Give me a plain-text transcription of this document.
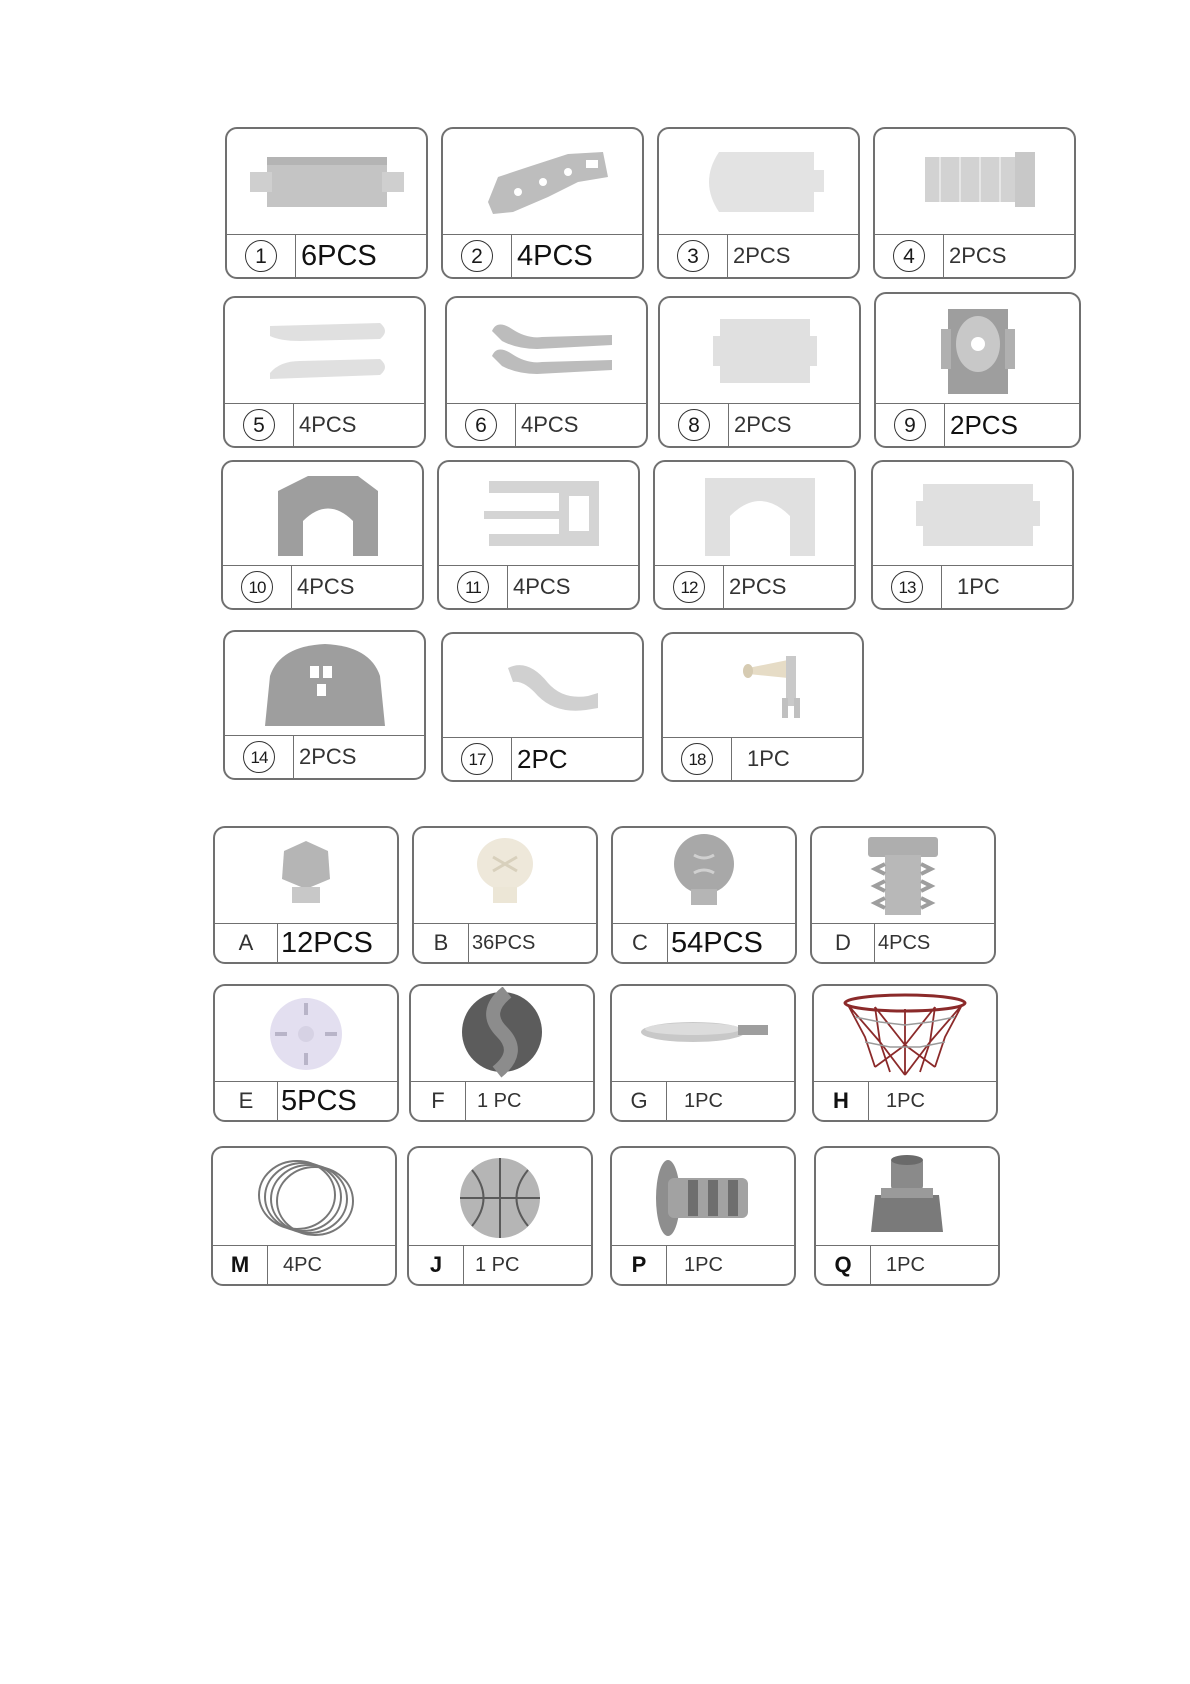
1	6PCS	2	4PCS	3	2PCS	4	2PCS
5	4PCS	6	4PCS	8	2PCS	9	2PCS
10	4PCS	11	4PCS	12	2PCS	13	1PC
14	2PCS	17 2PC	18	1PC
A 12PCS	B 36PCS	C 54PCS	D 4PCS
E 5PCS	F 1 PC	G 1PC	H 1PC
M 4PC	J 1 PC	P 1PC	Q 1PC
